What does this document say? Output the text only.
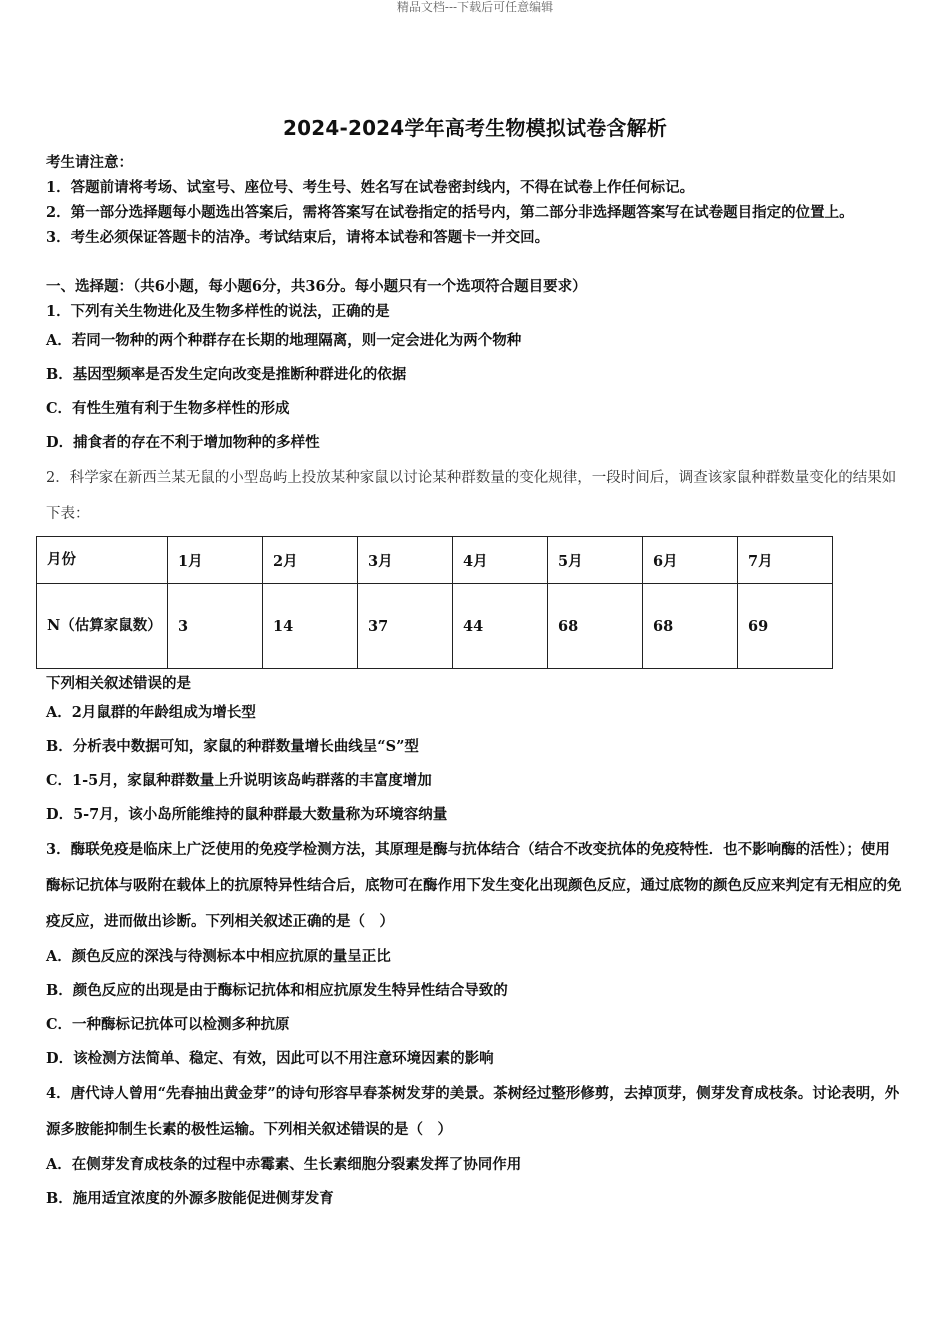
精品文档---下载后可任意编辑
2024-2024学年高考生物模拟试卷含解析
考生请注意：
1．答题前请将考场、试室号、座位号、考生号、姓名写在试卷密封线内，不得在试卷上作任何标记。
2．第一部分选择题每小题选出答案后，需将答案写在试卷指定的括号内，第二部分非选择题答案写在试卷题目指定的位置上。
3．考生必须保证答题卡的洁净。考试结束后，请将本试卷和答题卡一并交回。
一、选择题：（共6小题，每小题6分，共36分。每小题只有一个选项符合题目要求）
1．下列有关生物进化及生物多样性的说法，正确的是
A．若同一物种的两个种群存在长期的地理隔离，则一定会进化为两个物种
B．基因型频率是否发生定向改变是推断种群进化的依据
C．有性生殖有利于生物多样性的形成
D．捕食者的存在不利于增加物种的多样性
2．科学家在新西兰某无鼠的小型岛屿上投放某种家鼠以讨论某种群数量的变化规律，一段时间后，调查该家鼠种群数量变化的结果如下表：
月份	1月	2月	3月	4月	5月	6月	7月
N（估算家鼠数）	3	14	37	44	68	68	69
下列相关叙述错误的是
A．2月鼠群的年龄组成为增长型
B．分析表中数据可知，家鼠的种群数量增长曲线呈“S”型
C．1-5月，家鼠种群数量上升说明该岛屿群落的丰富度增加
D．5-7月，该小岛所能维持的鼠种群最大数量称为环境容纳量
3．酶联免疫是临床上广泛使用的免疫学检测方法，其原理是酶与抗体结合（结合不改变抗体的免疫特性．也不影响酶的活性）；使用酶标记抗体与吸附在载体上的抗原特异性结合后，底物可在酶作用下发生变化出现颜色反应，通过底物的颜色反应来判定有无相应的免疫反应，进而做出诊断。下列相关叙述正确的是（　）
A．颜色反应的深浅与待测标本中相应抗原的量呈正比
B．颜色反应的出现是由于酶标记抗体和相应抗原发生特异性结合导致的
C．一种酶标记抗体可以检测多种抗原
D．该检测方法简单、稳定、有效，因此可以不用注意环境因素的影响
4．唐代诗人曾用“先春抽出黄金芽”的诗句形容早春茶树发芽的美景。茶树经过整形修剪，去掉顶芽，侧芽发育成枝条。讨论表明，外源多胺能抑制生长素的极性运输。下列相关叙述错误的是（　）
A．在侧芽发育成枝条的过程中赤霉素、生长素细胞分裂素发挥了协同作用
B．施用适宜浓度的外源多胺能促进侧芽发育
